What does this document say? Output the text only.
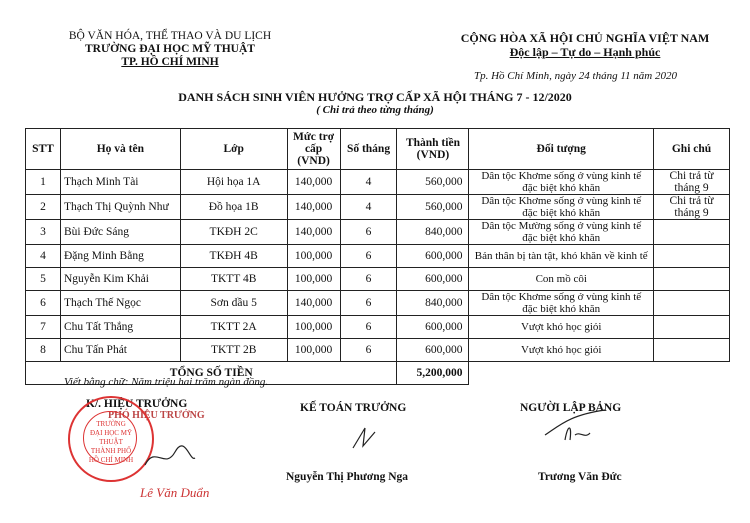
BỘ VĂN HÓA, THỂ THAO VÀ DU LỊCH
TRƯỜNG ĐẠI HỌC MỸ THUẬT
TP. HỒ CHÍ MINH
CỘNG HÒA XÃ HỘI CHỦ NGHĨA VIỆT NAM
Độc lập – Tự do – Hạnh phúc
Tp. Hồ Chí Minh, ngày 24 tháng 11 năm 2020
DANH SÁCH SINH VIÊN HƯỞNG TRỢ CẤP XÃ HỘI THÁNG 7 - 12/2020
( Chi trả theo từng tháng)
STT	Họ và tên	Lớp	Mức trợ cấp (VND)	Số tháng	Thành tiền (VND)	Đối tượng	Ghi chú
1	Thạch Minh Tài	Hội họa 1A	140,000	4	560,000	Dân tộc Khơme sống ở vùng kinh tế đặc biệt khó khăn	Chi trả từ tháng 9
2	Thạch Thị Quỳnh Như	Đồ họa 1B	140,000	4	560,000	Dân tộc Khơme sống ở vùng kinh tế đặc biệt khó khăn	Chi trả từ tháng 9
3	Bùi Đức Sáng	TKĐH 2C	140,000	6	840,000	Dân tộc Mường sống ở vùng kinh tế đặc biệt khó khăn	
4	Đặng Minh Bằng	TKĐH 4B	100,000	6	600,000	Bản thân bị tàn tật, khó khăn về kinh tế	
5	Nguyễn Kim Khải	TKTT 4B	100,000	6	600,000	Con mồ côi	
6	Thạch Thế Ngọc	Sơn dầu 5	140,000	6	840,000	Dân tộc Khơme sống ở vùng kinh tế đặc biệt khó khăn	
7	Chu Tất Thắng	TKTT 2A	100,000	6	600,000	Vượt khó học giỏi	
8	Chu Tấn Phát	TKTT 2B	100,000	6	600,000	Vượt khó học giỏi	
TỔNG SỐ TIỀN					5,200,000		
Viết bằng chữ: Năm triệu hai trăm ngàn đồng.
K/. HIỆU TRƯỞNG
PHÓ HIỆU TRƯỞNG
TRƯỜNG
ĐẠI HỌC MỸ THUẬT
THÀNH PHỐ
HỒ CHÍ MINH
Lê Văn Duẩn
KẾ TOÁN TRƯỞNG
Nguyễn Thị Phương Nga
NGƯỜI LẬP BẢNG
Trương Văn Đức
